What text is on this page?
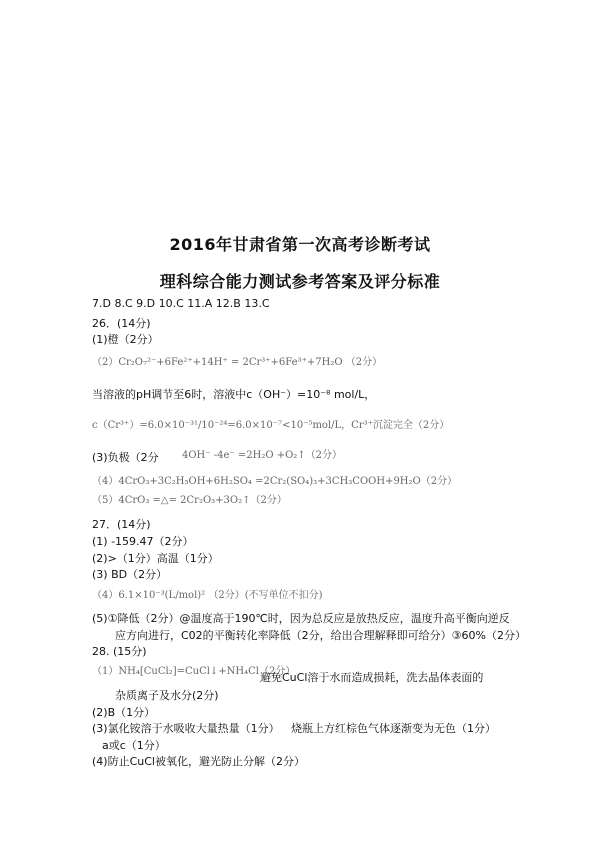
2016年甘肃省第一次高考诊断考试
理科综合能力测试参考答案及评分标准
7.D 8.C 9.D 10.C 11.A 12.B 13.C
26．(14分)
(1)橙（2分）
（2）Cr₂O₇²⁻+6Fe²⁺+14H⁺ = 2Cr³⁺+6Fe³⁺+7H₂O （2分）
当溶液的pH调节至6时，溶液中c（OH⁻）=10⁻⁸ mol/L，
c（Cr³⁺）=6.0×10⁻³¹/10⁻²⁴=6.0×10⁻⁷<10⁻⁵mol/L，Cr³⁺沉淀完全（2分）
(3)负极（2分 4OH⁻ -4e⁻ =2H₂O +O₂↑（2分）
（4）4CrO₃+3C₂H₅OH+6H₂SO₄ =2Cr₂(SO₄)₃+3CH₃COOH+9H₂O（2分）
（5）4CrO₃ =△= 2Cr₂O₃+3O₂↑（2分）
27．(14分)
(1) -159.47（2分）
(2)>（1分）高温（1分）
(3) BD（2分）
（4）6.1×10⁻³(L/mol)² （2分）(不写单位不扣分)
(5)①降低（2分）@温度高于190℃时，因为总反应是放热反应，温度升高平衡向逆反
应方向进行，C02的平衡转化率降低（2分，给出合理解释即可给分）③60%（2分）
28. (15分)
（1）NH₄[CuCl₂]=CuCl↓+NH₄Cl（2分）
避免CuCl溶于水而造成损耗，洗去晶体表面的
杂质离子及水分(2分)
(2)B（1分）
(3)氯化铵溶于水吸收大量热量（1分） 烧瓶上方红棕色气体逐渐变为无色（1分）
a或c（1分）
(4)防止CuCl被氧化，避光防止分解（2分）
